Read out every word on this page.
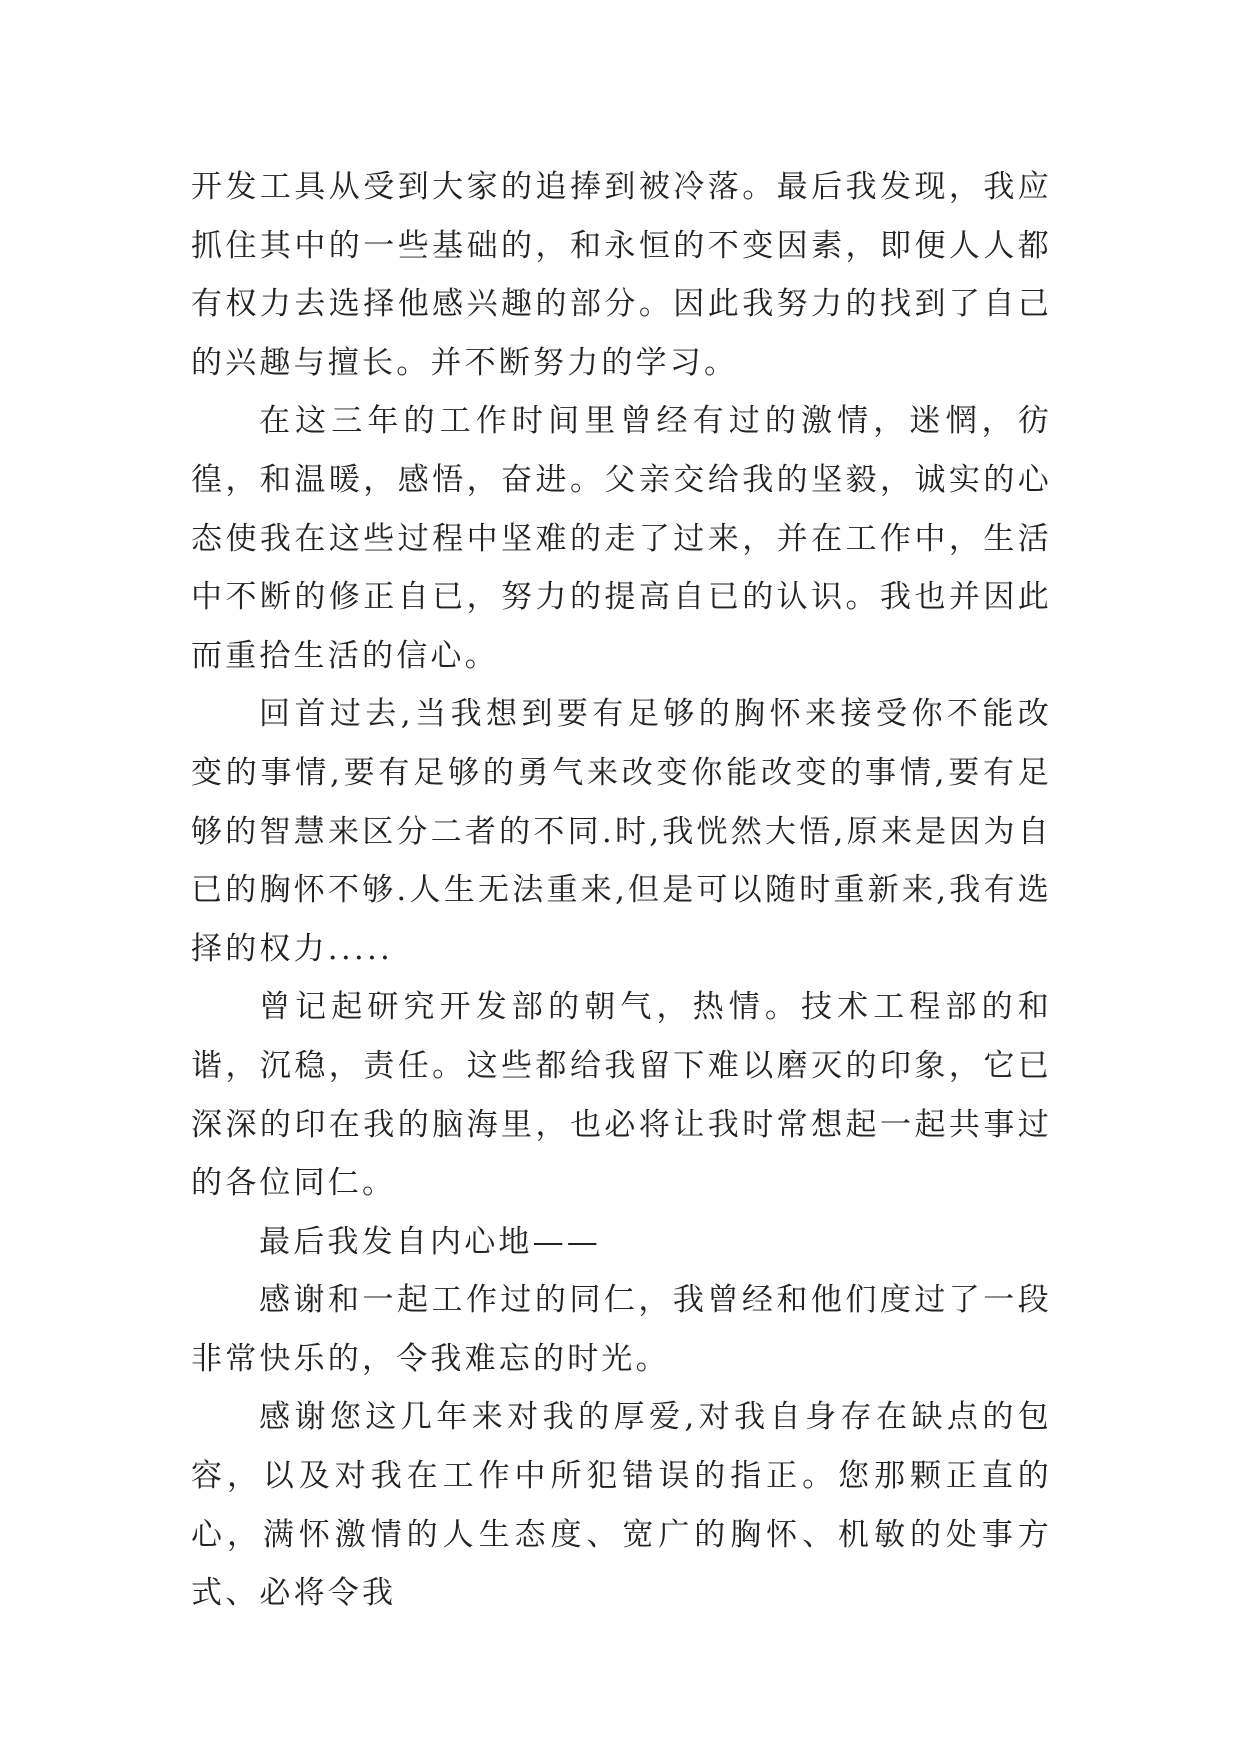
开发工具从受到大家的追捧到被冷落。最后我发现，我应抓住其中的一些基础的，和永恒的不变因素，即便人人都有权力去选择他感兴趣的部分。因此我努力的找到了自己的兴趣与擅长。并不断努力的学习。

在这三年的工作时间里曾经有过的激情，迷惘，彷徨，和温暖，感悟，奋进。父亲交给我的坚毅，诚实的心态使我在这些过程中坚难的走了过来，并在工作中，生活中不断的修正自已，努力的提高自已的认识。我也并因此而重拾生活的信心。

回首过去,当我想到要有足够的胸怀来接受你不能改变的事情,要有足够的勇气来改变你能改变的事情,要有足够的智慧来区分二者的不同.时,我恍然大悟,原来是因为自已的胸怀不够.人生无法重来,但是可以随时重新来,我有选择的权力.....

曾记起研究开发部的朝气，热情。技术工程部的和谐，沉稳，责任。这些都给我留下难以磨灭的印象，它已深深的印在我的脑海里，也必将让我时常想起一起共事过的各位同仁。

最后我发自内心地——

感谢和一起工作过的同仁，我曾经和他们度过了一段非常快乐的，令我难忘的时光。

感谢您这几年来对我的厚爱,对我自身存在缺点的包容，以及对我在工作中所犯错误的指正。您那颗正直的心，满怀激情的人生态度、宽广的胸怀、机敏的处事方式、必将令我
